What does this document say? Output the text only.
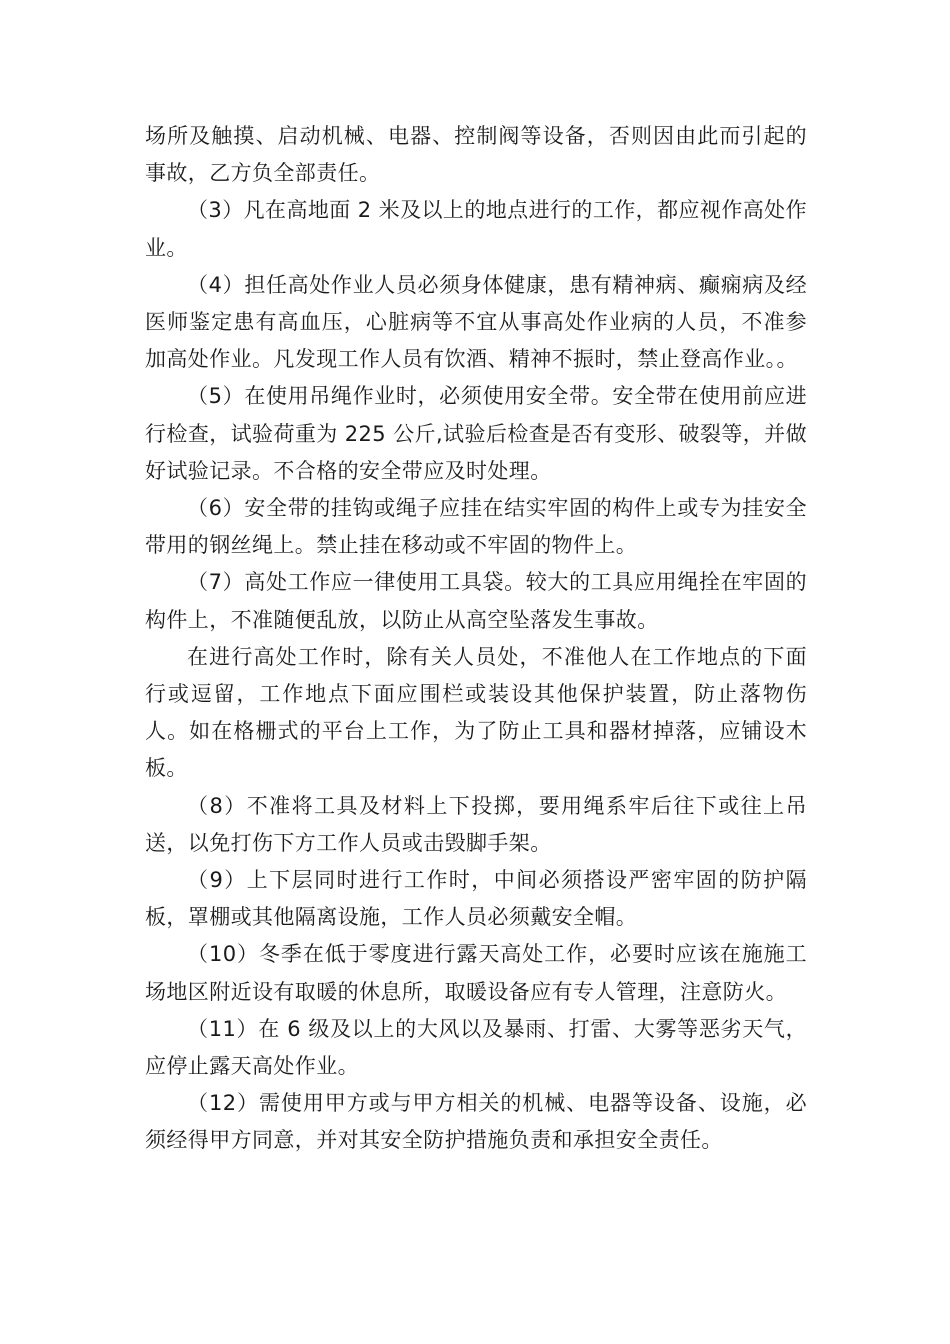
场所及触摸、启动机械、电器、控制阀等设备，否则因由此而引起的事故，乙方负全部责任。

（3）凡在高地面 2 米及以上的地点进行的工作，都应视作高处作业。

（4）担任高处作业人员必须身体健康，患有精神病、癫痫病及经医师鉴定患有高血压，心脏病等不宜从事高处作业病的人员，不准参加高处作业。凡发现工作人员有饮酒、精神不振时，禁止登高作业。。

（5）在使用吊绳作业时，必须使用安全带。安全带在使用前应进行检查，试验荷重为 225 公斤,试验后检查是否有变形、破裂等，并做好试验记录。不合格的安全带应及时处理。

（6）安全带的挂钩或绳子应挂在结实牢固的构件上或专为挂安全带用的钢丝绳上。禁止挂在移动或不牢固的物件上。

（7）高处工作应一律使用工具袋。较大的工具应用绳拴在牢固的构件上，不准随便乱放，以防止从高空坠落发生事故。

在进行高处工作时，除有关人员处，不准他人在工作地点的下面行或逗留，工作地点下面应围栏或装设其他保护装置，防止落物伤人。如在格栅式的平台上工作，为了防止工具和器材掉落，应铺设木板。

（8）不准将工具及材料上下投掷，要用绳系牢后往下或往上吊送，以免打伤下方工作人员或击毁脚手架。

（9）上下层同时进行工作时，中间必须搭设严密牢固的防护隔板，罩棚或其他隔离设施，工作人员必须戴安全帽。

（10）冬季在低于零度进行露天高处工作，必要时应该在施施工场地区附近设有取暖的休息所，取暖设备应有专人管理，注意防火。

（11）在 6 级及以上的大风以及暴雨、打雷、大雾等恶劣天气，应停止露天高处作业。

（12）需使用甲方或与甲方相关的机械、电器等设备、设施，必须经得甲方同意，并对其安全防护措施负责和承担安全责任。
